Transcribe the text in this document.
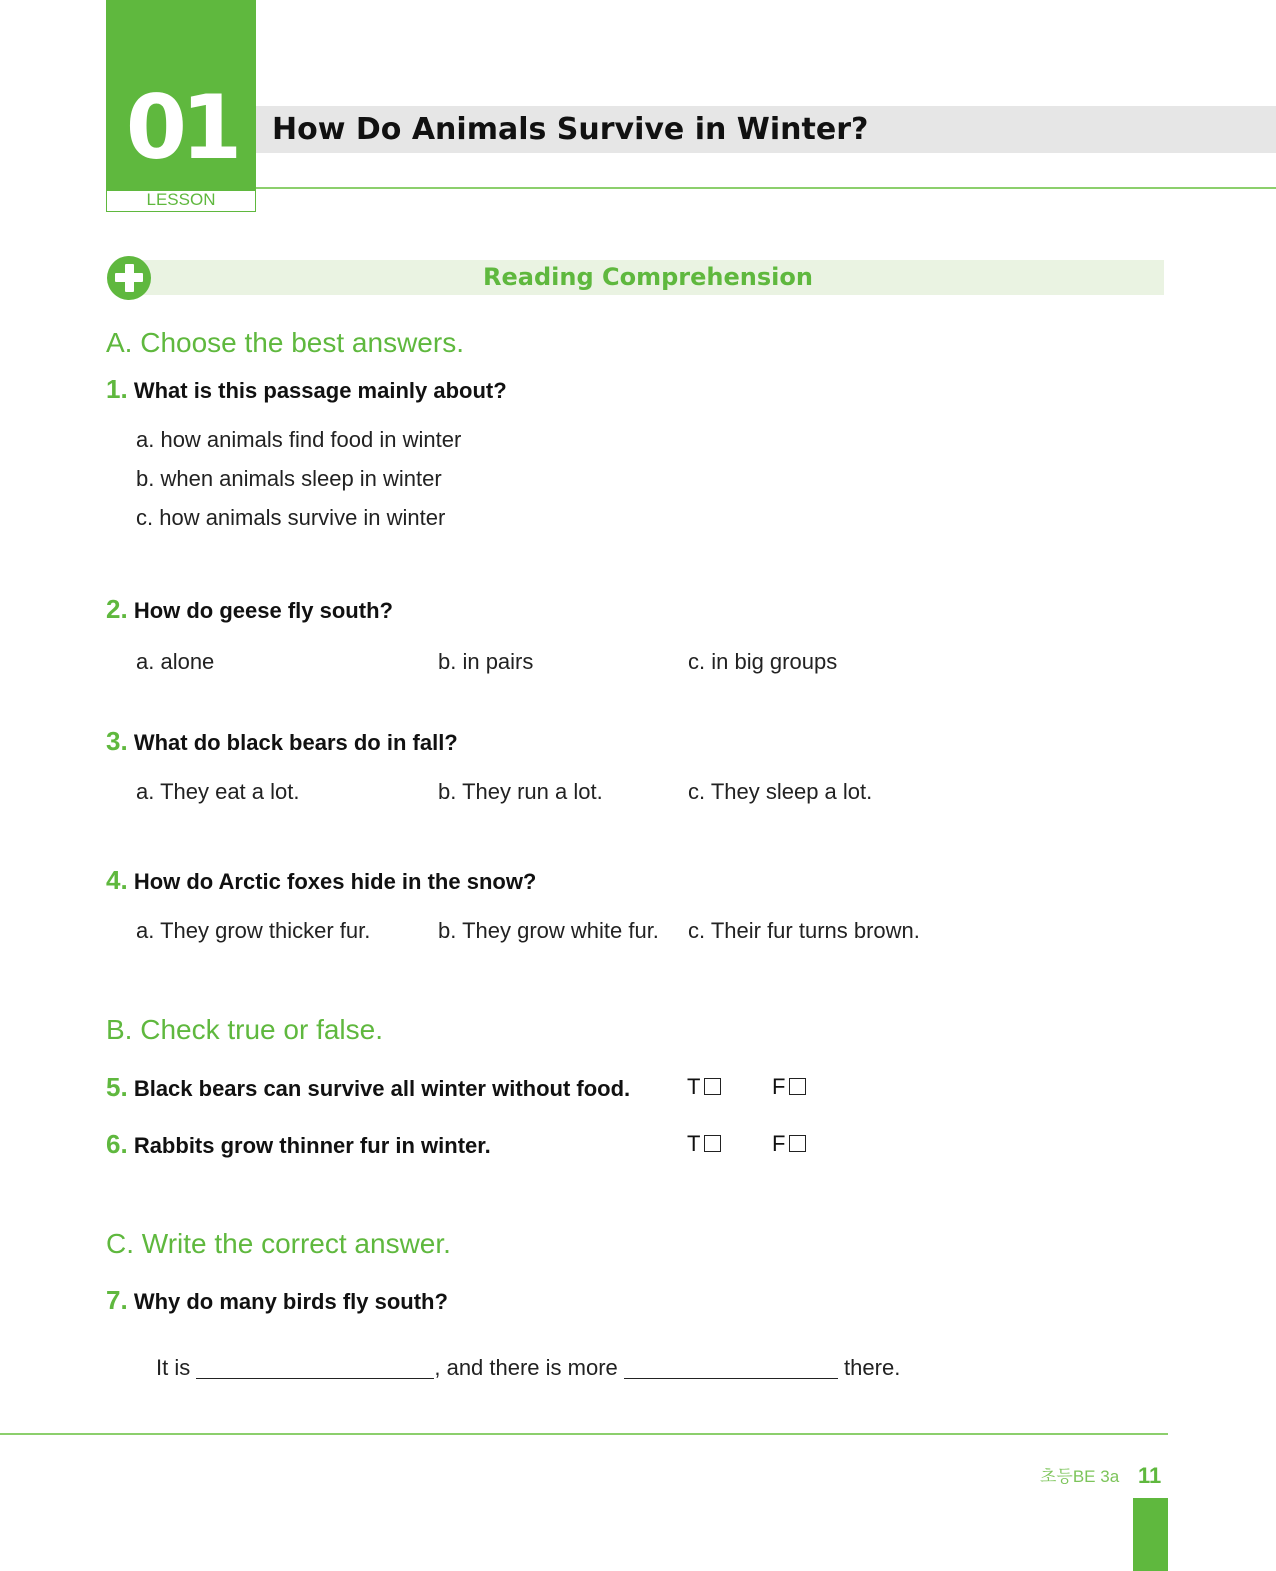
01
LESSON
How Do Animals Survive in Winter?
Reading Comprehension
A. Choose the best answers.
1. What is this passage mainly about?
a. how animals find food in winter
b. when animals sleep in winter
c. how animals survive in winter
2. How do geese fly south?
a. alone	b. in pairs	c. in big groups
3. What do black bears do in fall?
a. They eat a lot.	b. They run a lot.	c. They sleep a lot.
4. How do Arctic foxes hide in the snow?
a. They grow thicker fur.	b. They grow white fur. c. Their fur turns brown.
B. Check true or false.
5. Black bears can survive all winter without food.	T	F
6. Rabbits grow thinner fur in winter.	T	F
C. Write the correct answer.
7. Why do many birds fly south?
It is	, and there is more	there.
초등BE 3a 11
